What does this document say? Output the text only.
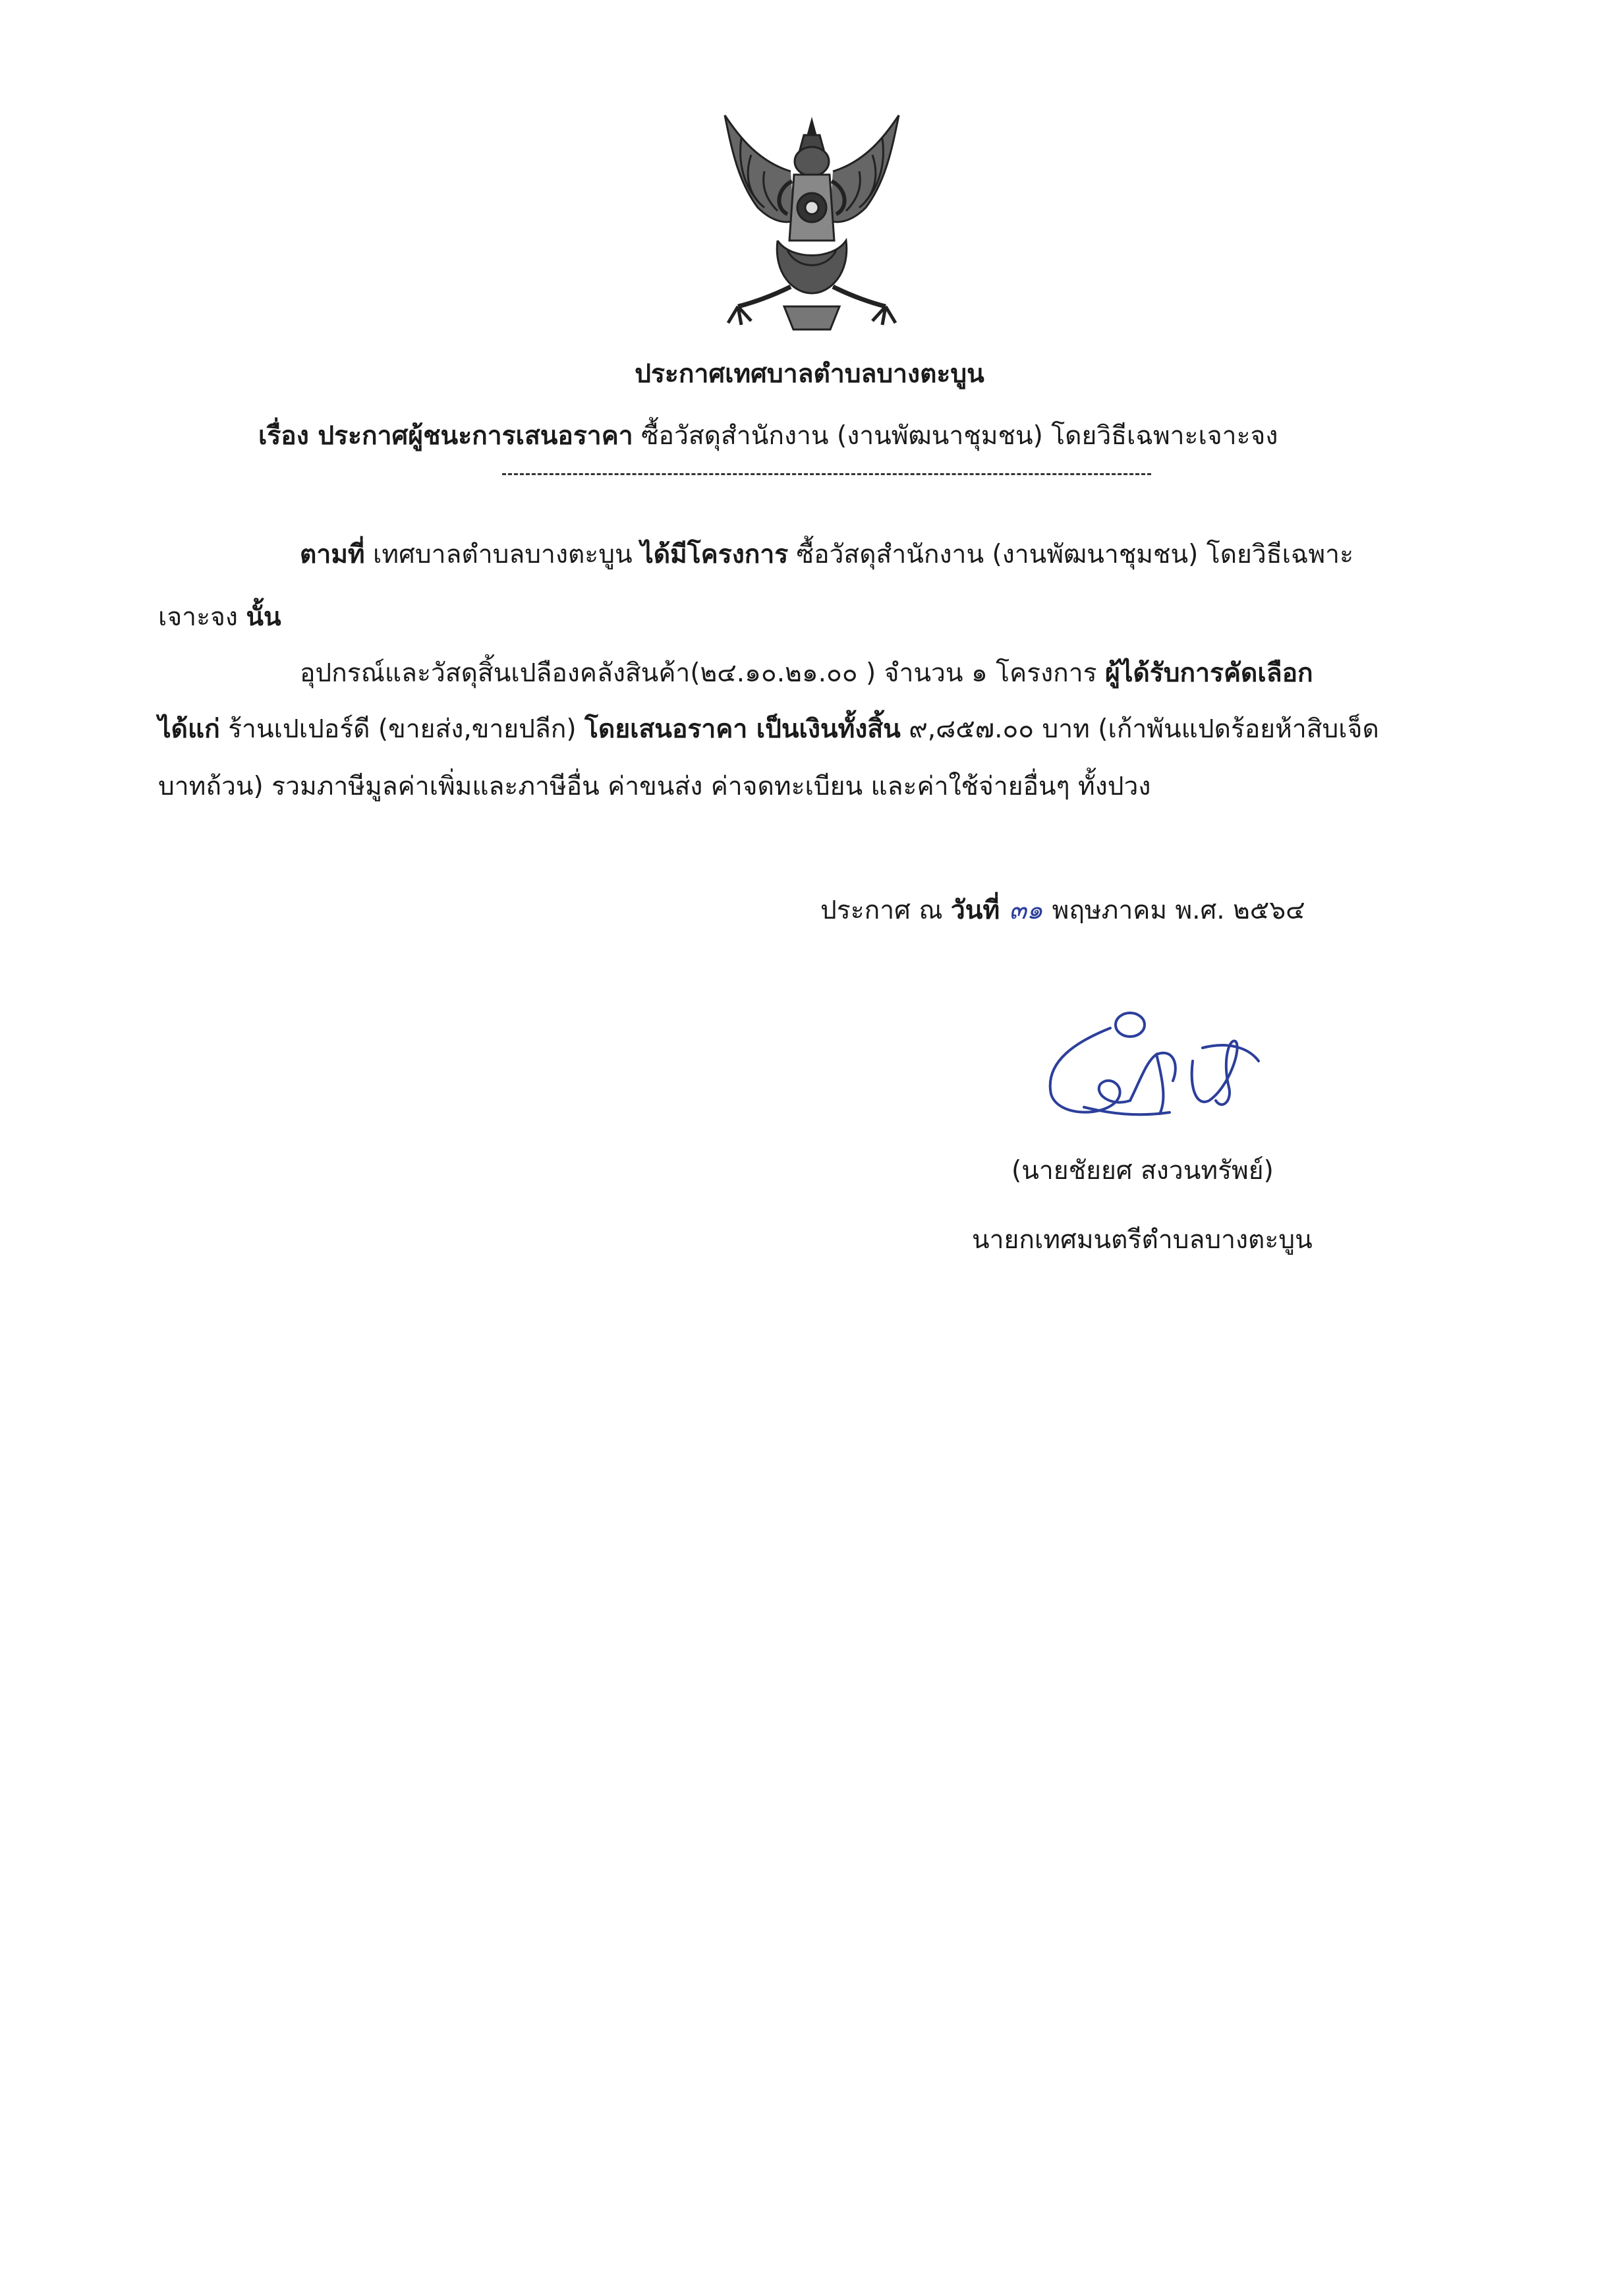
ประกาศเทศบาลตำบลบางตะบูน
เรื่อง ประกาศผู้ชนะการเสนอราคา ซื้อวัสดุสำนักงาน (งานพัฒนาชุมชน) โดยวิธีเฉพาะเจาะจง
ตามที่ เทศบาลตำบลบางตะบูน ได้มีโครงการ ซื้อวัสดุสำนักงาน (งานพัฒนาชุมชน) โดยวิธีเฉพาะ
เจาะจง นั้น
อุปกรณ์และวัสดุสิ้นเปลืองคลังสินค้า(๒๔.๑๐.๒๑.๐๐ ) จำนวน ๑ โครงการ ผู้ได้รับการคัดเลือก
ได้แก่ ร้านเปเปอร์ดี (ขายส่ง,ขายปลีก) โดยเสนอราคา เป็นเงินทั้งสิ้น ๙,๘๕๗.๐๐ บาท (เก้าพันแปดร้อยห้าสิบเจ็ด
บาทถ้วน) รวมภาษีมูลค่าเพิ่มและภาษีอื่น ค่าขนส่ง ค่าจดทะเบียน และค่าใช้จ่ายอื่นๆ ทั้งปวง
ประกาศ ณ วันที่ ๓๑ พฤษภาคม พ.ศ. ๒๕๖๔
(นายชัยยศ สงวนทรัพย์)
นายกเทศมนตรีตำบลบางตะบูน
